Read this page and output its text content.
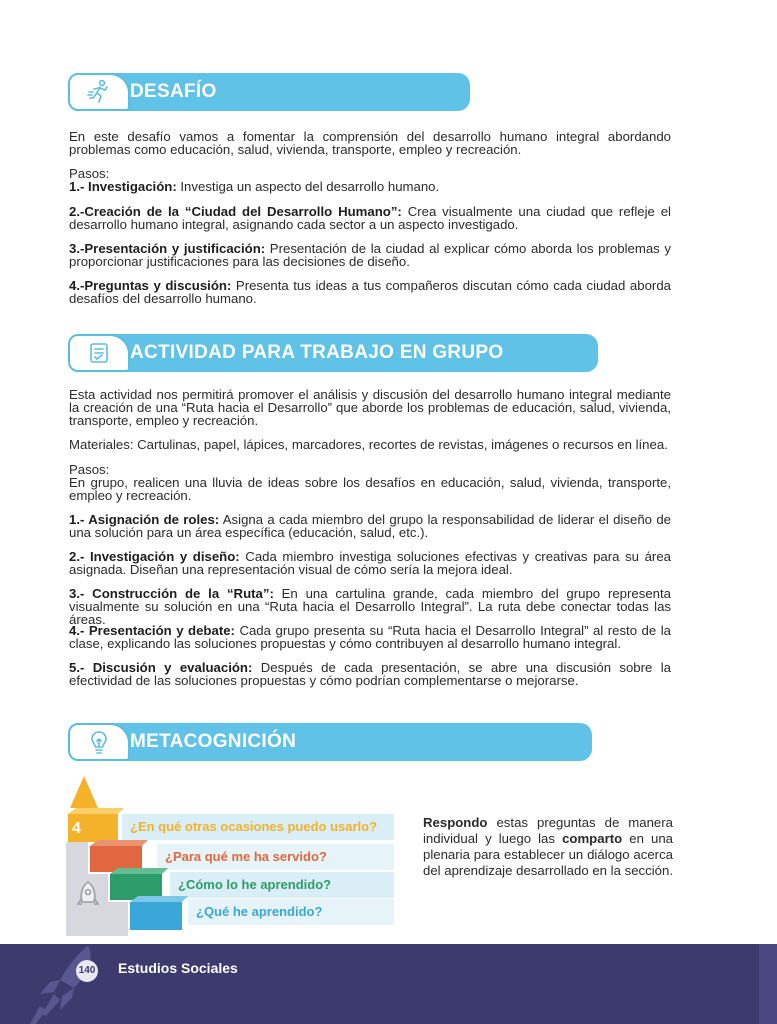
DESAFÍO

En este desafío vamos a fomentar la comprensión del desarrollo humano integral abordando problemas como educación, salud, vivienda, transporte, empleo y recreación.

Pasos:

1.- Investigación: Investiga un aspecto del desarrollo humano.

2.-Creación de la “Ciudad del Desarrollo Humano”: Crea visualmente una ciudad que refleje el desarrollo humano integral, asignando cada sector a un aspecto investigado.

3.-Presentación y justificación: Presentación de la ciudad al explicar cómo aborda los problemas y proporcionar justificaciones para las decisiones de diseño.

4.-Preguntas y discusión: Presenta tus ideas a tus compañeros discutan cómo cada ciudad aborda desafíos del desarrollo humano.

ACTIVIDAD PARA TRABAJO EN GRUPO

Esta actividad nos permitirá promover el análisis y discusión del desarrollo humano integral mediante la creación de una “Ruta hacia el Desarrollo” que aborde los problemas de educación, salud, vivienda, transporte, empleo y recreación.

Materiales: Cartulinas, papel, lápices, marcadores, recortes de revistas, imágenes o recursos en línea.

Pasos:

En grupo, realicen una lluvia de ideas sobre los desafíos en educación, salud, vivienda, transporte, empleo y recreación.

1.- Asignación de roles: Asigna a cada miembro del grupo la responsabilidad de liderar el diseño de una solución para un área específica (educación, salud, etc.).

2.- Investigación y diseño: Cada miembro investiga soluciones efectivas y creativas para su área asignada. Diseñan una representación visual de cómo sería la mejora ideal.

3.- Construcción de la “Ruta”: En una cartulina grande, cada miembro del grupo representa visualmente su solución en una “Ruta hacia el Desarrollo Integral”. La ruta debe conectar todas las áreas.

4.- Presentación y debate: Cada grupo presenta su “Ruta hacia el Desarrollo Integral” al resto de la clase, explicando las soluciones propuestas y cómo contribuyen al desarrollo humano integral.

5.- Discusión y evaluación: Después de cada presentación, se abre una discusión sobre la efectividad de las soluciones propuestas y cómo podrían complementarse o mejorarse.

METACOGNICIÓN
¿En qué otras ocasiones puedo usarlo?
¿Para qué me ha servido?
¿Cómo lo he aprendido?
¿Qué he aprendido?
4
3
2
1

Respondo estas preguntas de manera individual y luego las comparto en una plenaria para establecer un diálogo acerca del aprendizaje desarrollado en la sección.

140 Estudios Sociales
